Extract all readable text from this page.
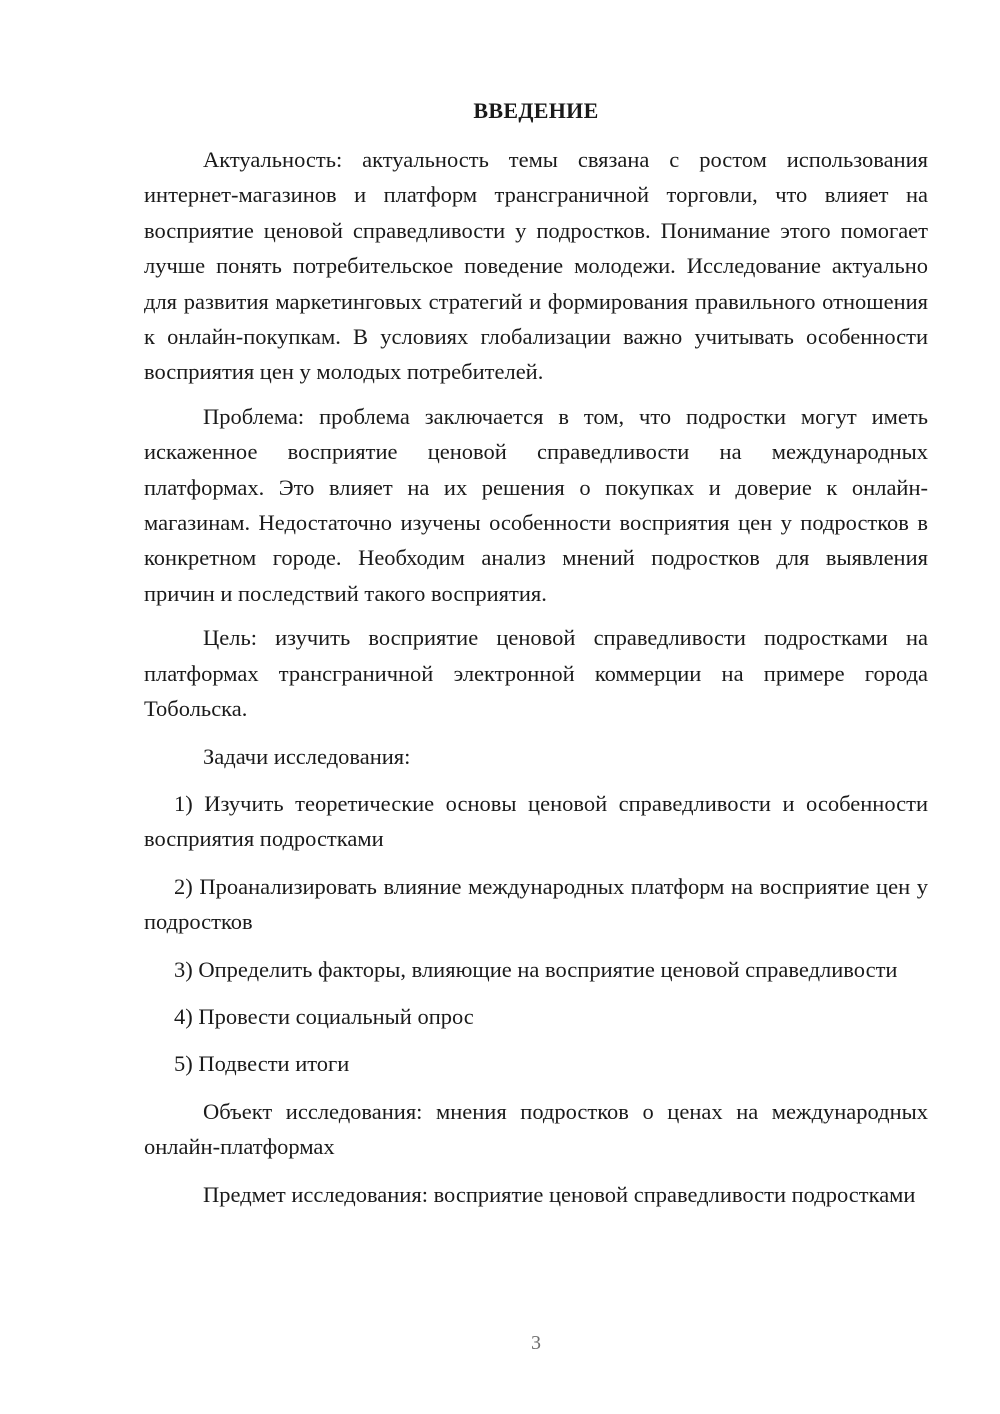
ВВЕДЕНИЕ

Актуальность: актуальность темы связана с ростом использования интернет-магазинов и платформ трансграничной торговли, что влияет на восприятие ценовой справедливости у подростков. Понимание этого помогает лучше понять потребительское поведение молодежи. Исследование актуально для развития маркетинговых стратегий и формирования правильного отношения к онлайн-покупкам. В условиях глобализации важно учитывать особенности восприятия цен у молодых потребителей.

Проблема: проблема заключается в том, что подростки могут иметь искаженное восприятие ценовой справедливости на международных платформах. Это влияет на их решения о покупках и доверие к онлайн-магазинам. Недостаточно изучены особенности восприятия цен у подростков в конкретном городе. Необходим анализ мнений подростков для выявления причин и последствий такого восприятия.

Цель: изучить восприятие ценовой справедливости подростками на платформах трансграничной электронной коммерции на примере города Тобольска.

Задачи исследования:

1) Изучить теоретические основы ценовой справедливости и особенности восприятия подростками

2) Проанализировать влияние международных платформ на восприятие цен у подростков

3) Определить факторы, влияющие на восприятие ценовой справедливости

4) Провести социальный опрос

5) Подвести итоги

Объект исследования: мнения подростков о ценах на международных онлайн-платформах

Предмет исследования: восприятие ценовой справедливости подростками

3
